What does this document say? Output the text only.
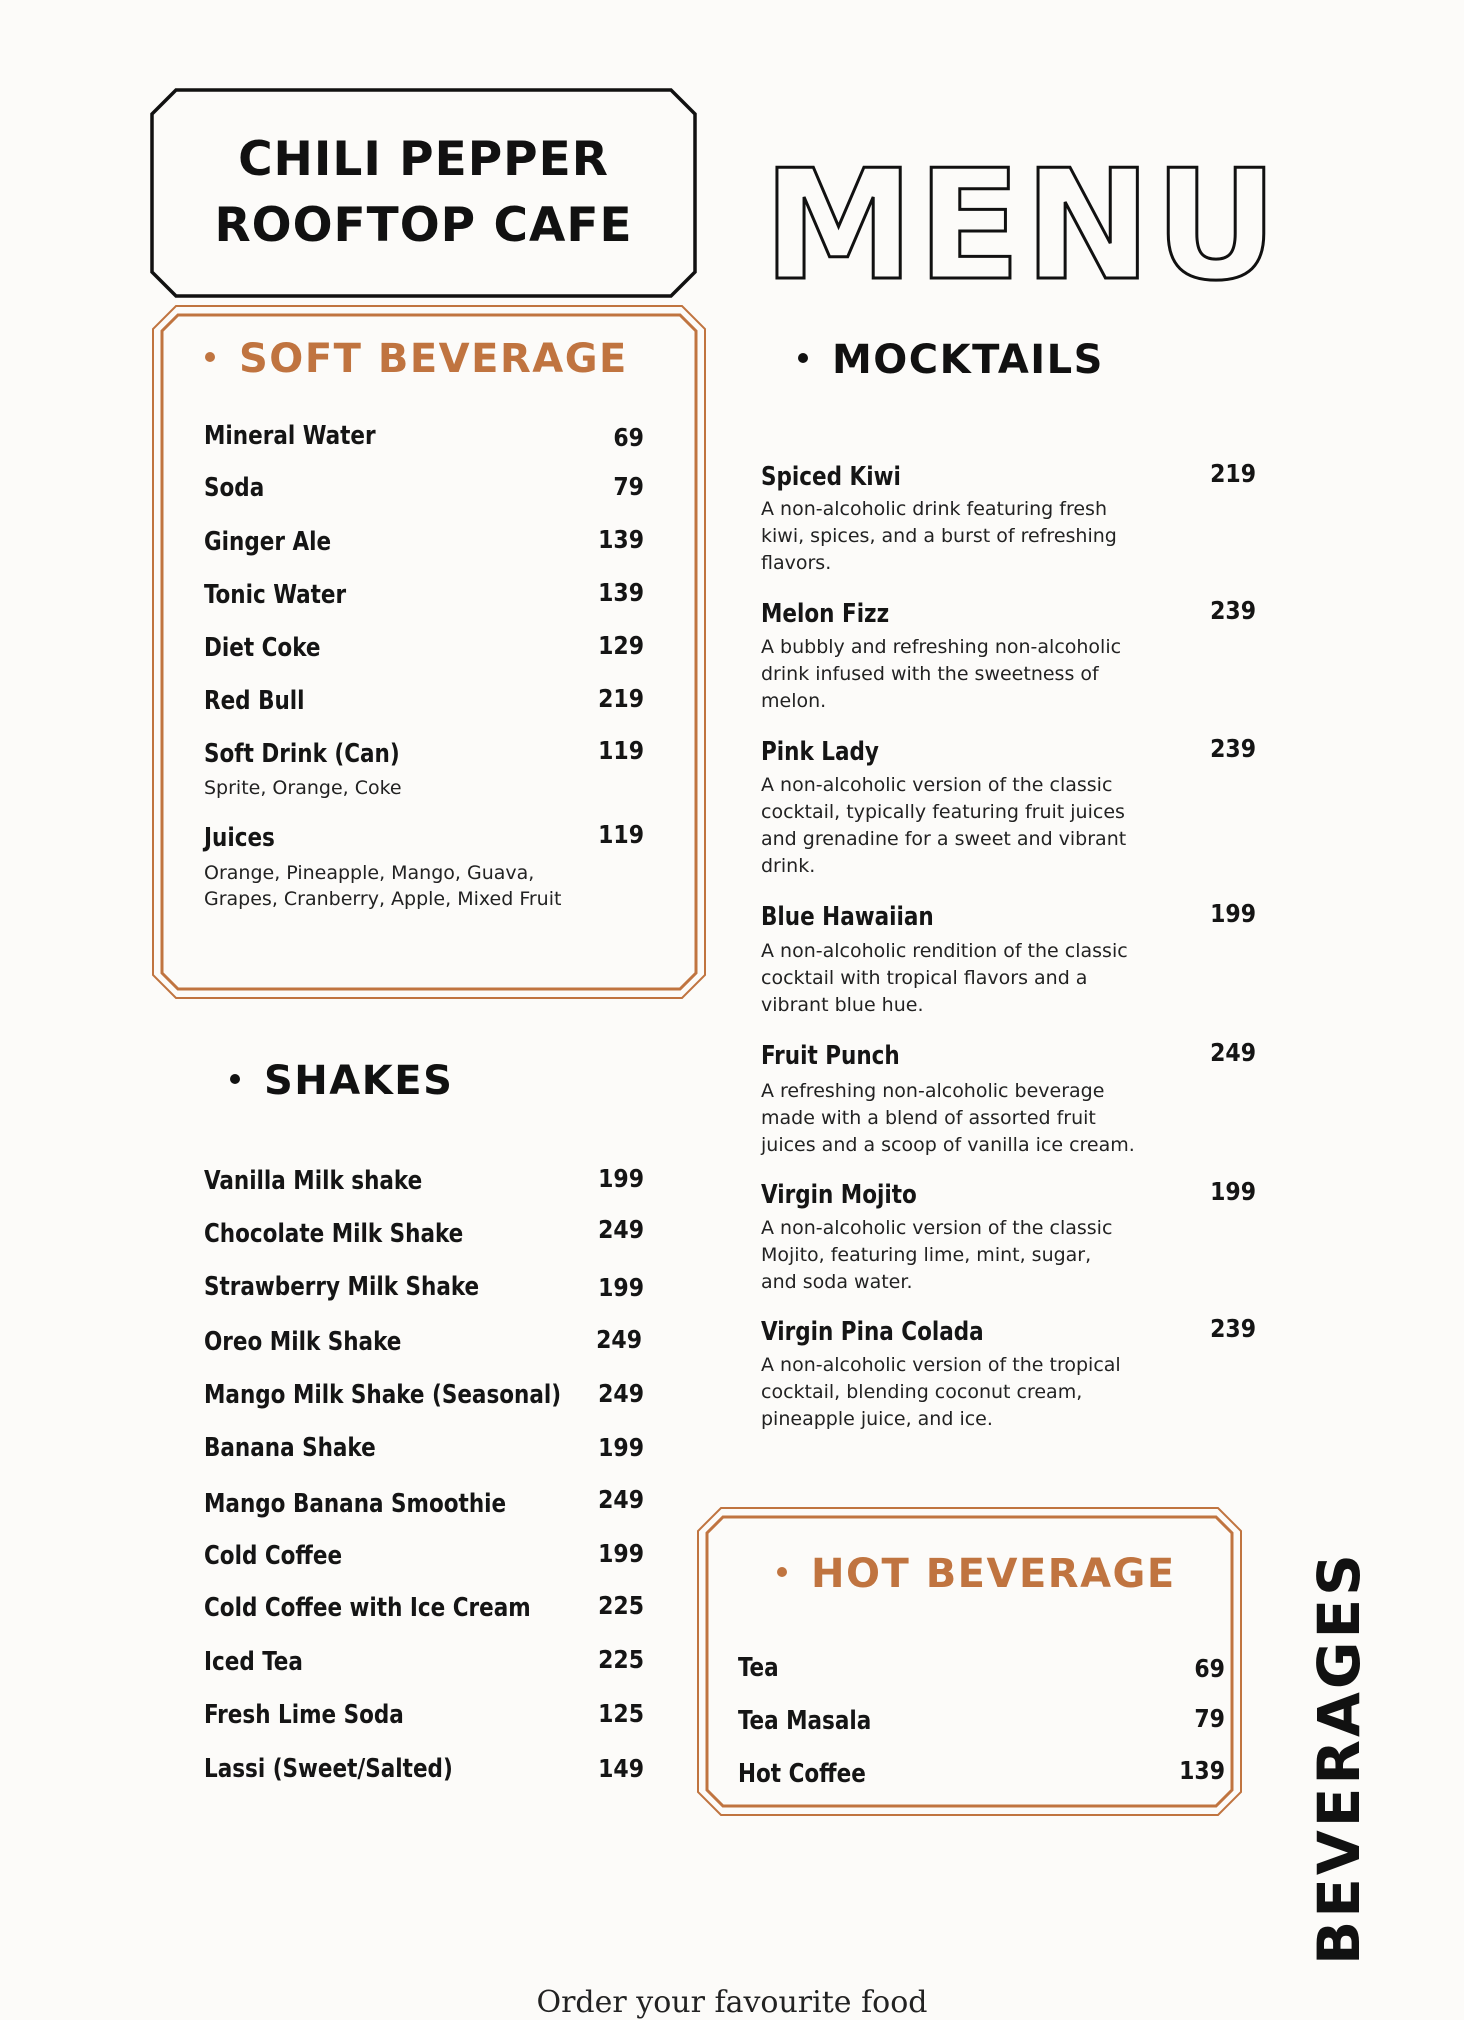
CHILI PEPPER
ROOFTOP CAFE MENU
SOFT BEVERAGE
Mineral Water	69
Soda	79
Ginger Ale	139
Tonic Water	139
Diet Coke	129
Red Bull	219
Soft Drink (Can)	119
Sprite, Orange, Coke
Juices	119
Orange, Pineapple, Mango, Guava,
Grapes, Cranberry, Apple, Mixed Fruit
SHAKES
Vanilla Milk shake	199
Chocolate Milk Shake	249
Strawberry Milk Shake	199
Oreo Milk Shake	249
Mango Milk Shake (Seasonal)	249
Banana Shake	199
Mango Banana Smoothie	249
Cold Coffee	199
Cold Coffee with Ice Cream	225
Iced Tea	225
Fresh Lime Soda	125
Lassi (Sweet/Salted)	149
MOCKTAILS
Spiced Kiwi	219
A non-alcoholic drink featuring fresh
kiwi, spices, and a burst of refreshing
flavors.
Melon Fizz	239
A bubbly and refreshing non-alcoholic
drink infused with the sweetness of
melon.
Pink Lady	239
A non-alcoholic version of the classic
cocktail, typically featuring fruit juices
and grenadine for a sweet and vibrant
drink.
Blue Hawaiian	199
A non-alcoholic rendition of the classic
cocktail with tropical flavors and a
vibrant blue hue.
Fruit Punch	249
A refreshing non-alcoholic beverage
made with a blend of assorted fruit
juices and a scoop of vanilla ice cream.
Virgin Mojito	199
A non-alcoholic version of the classic
Mojito, featuring lime, mint, sugar,
and soda water.
Virgin Pina Colada	239
A non-alcoholic version of the tropical
cocktail, blending coconut cream,
pineapple juice, and ice.
HOT BEVERAGE
Tea	69
Tea Masala	79
Hot Coffee	139 BEVERAGES
Order your favourite food
